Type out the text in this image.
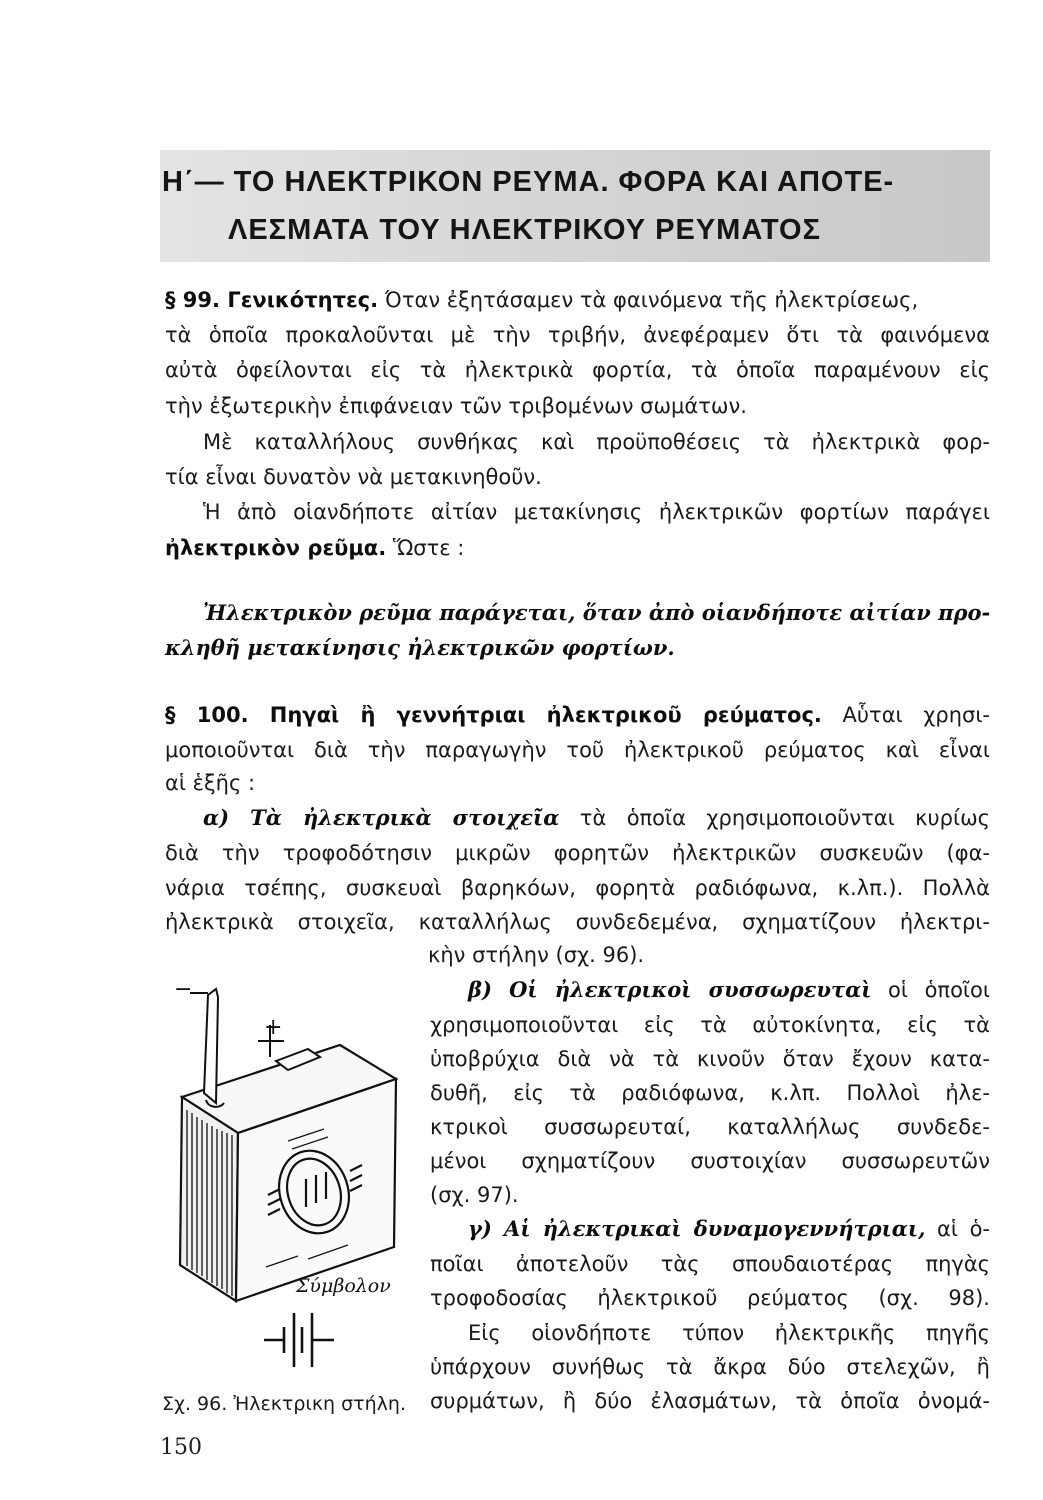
Η΄— ΤΟ ΗΛΕΚΤΡΙΚΟΝ ΡΕΥΜΑ. ΦΟΡΑ ΚΑΙ ΑΠΟΤΕ-
ΛΕΣΜΑΤΑ ΤΟΥ ΗΛΕΚΤΡΙΚΟΥ ΡΕΥΜΑΤΟΣ
§ 99. Γενικότητες. Όταν ἐξητάσαμεν τὰ φαινόμενα τῆς ἠλεκτρίσεως,
τὰ ὁποῖα προκαλοῦνται μὲ τὴν τριβήν, ἀνεφέραμεν ὅτι τὰ φαινόμενα
αὐτὰ ὀφείλονται εἰς τὰ ἠλεκτρικὰ φορτία, τὰ ὁποῖα παραμένουν εἰς
τὴν ἐξωτερικὴν ἐπιφάνειαν τῶν τριβομένων σωμάτων.
Μὲ καταλλήλους συνθήκας καὶ προϋποθέσεις τὰ ἠλεκτρικὰ φορ-
τία εἶναι δυνατὸν νὰ μετακινηθοῦν.
Ἡ ἀπὸ οἱανδήποτε αἰτίαν μετακίνησις ἠλεκτρικῶν φορτίων παράγει
ἠλεκτρικὸν ρεῦμα. Ὥστε :
Ἠλεκτρικὸν ρεῦμα παράγεται, ὅταν ἀπὸ οἱανδήποτε αἰτίαν προ-
κληθῆ μετακίνησις ἠλεκτρικῶν φορτίων.
§ 100. Πηγαὶ ἢ γεννήτριαι ἠλεκτρικοῦ ρεύματος. Αὗται χρησι-
μοποιοῦνται διὰ τὴν παραγωγὴν τοῦ ἠλεκτρικοῦ ρεύματος καὶ εἶναι
αἱ ἑξῆς :
α) Τὰ ἠλεκτρικὰ στοιχεῖα τὰ ὁποῖα χρησιμοποιοῦνται κυρίως
διὰ τὴν τροφοδότησιν μικρῶν φορητῶν ἠλεκτρικῶν συσκευῶν (φα-
νάρια τσέπης, συσκευαὶ βαρηκόων, φορητὰ ραδιόφωνα, κ.λπ.). Πολλὰ
ἠλεκτρικὰ στοιχεῖα, καταλλήλως συνδεδεμένα, σχηματίζουν ἠλεκτρι-
κὴν στήλην (σχ. 96).
β) Οἱ ἠλεκτρικοὶ συσσωρευταὶ οἱ ὁποῖοι
χρησιμοποιοῦνται εἰς τὰ αὐτοκίνητα, εἰς τὰ
ὑποβρύχια διὰ νὰ τὰ κινοῦν ὅταν ἔχουν κατα-
δυθῆ, εἰς τὰ ραδιόφωνα, κ.λπ. Πολλοὶ ἠλε-
κτρικοὶ συσσωρευταί, καταλλήλως συνδεδε-
μένοι σχηματίζουν συστοιχίαν συσσωρευτῶν
(σχ. 97).
γ) Αἱ ἠλεκτρικαὶ δυναμογεννήτριαι, αἱ ὁ-
ποῖαι ἀποτελοῦν τὰς σπουδαιοτέρας πηγὰς
τροφοδοσίας ἠλεκτρικοῦ ρεύματος (σχ. 98).
Εἰς οἱονδήποτε τύπον ἠλεκτρικῆς πηγῆς
ὑπάρχουν συνήθως τὰ ἄκρα δύο στελεχῶν, ἢ
συρμάτων, ἢ δύο ἐλασμάτων, τὰ ὁποῖα ὀνομά-
−
+
Σύμβολον
Σχ. 96. Ἠλεκτρικη στήλη.
150
